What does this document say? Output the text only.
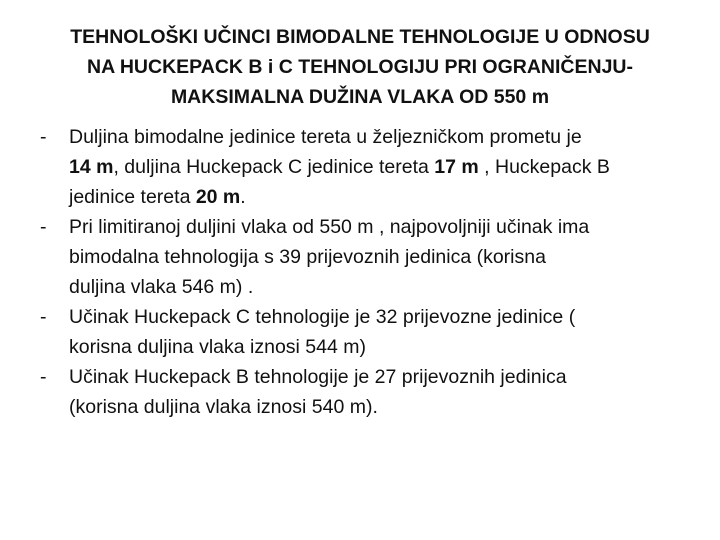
TEHNOLOŠKI UČINCI BIMODALNE TEHNOLOGIJE U ODNOSU
NA HUCKEPACK B i C TEHNOLOGIJU PRI OGRANIČENJU-
MAKSIMALNA DUŽINA VLAKA OD 550 m
- Duljina bimodalne jedinice tereta u željezničkom prometu je
14 m, duljina Huckepack C jedinice tereta 17 m , Huckepack B
jedinice tereta 20 m.
- Pri limitiranoj duljini vlaka od 550 m , najpovoljniji učinak ima
bimodalna tehnologija s 39 prijevoznih jedinica (korisna
duljina vlaka 546 m) .
- Učinak Huckepack C tehnologije je 32 prijevozne jedinice (
korisna duljina vlaka iznosi 544 m)
- Učinak Huckepack B tehnologije je 27 prijevoznih jedinica
(korisna duljina vlaka iznosi 540 m).
